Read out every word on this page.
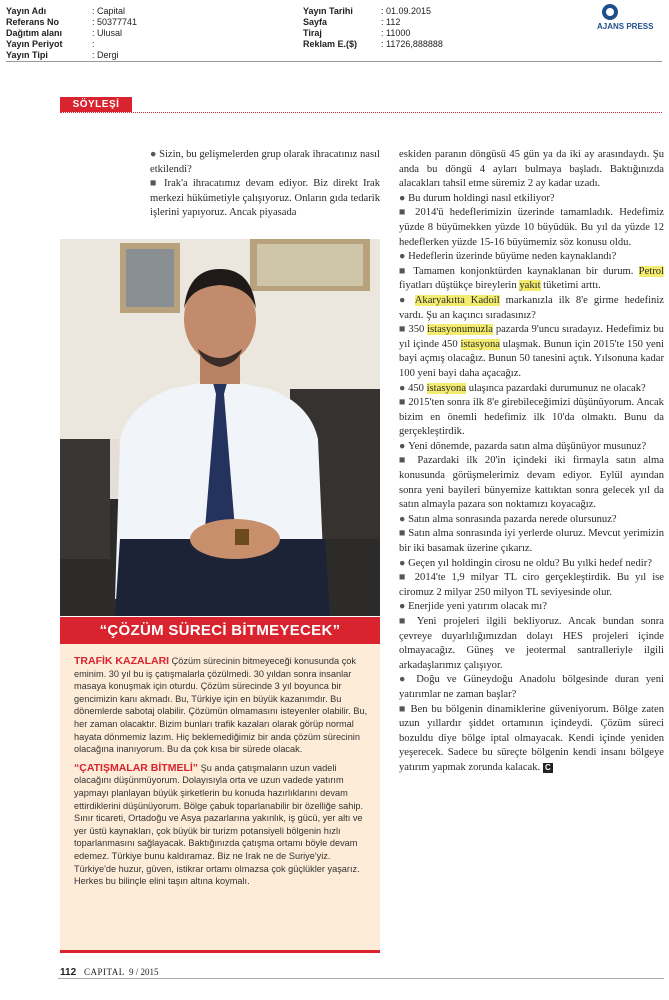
Yayın Adı	: Capital
Referans No	: 50377741
Dağıtım alanı	: Ulusal
Yayın Periyot	:
Yayın Tipi	: Dergi
Yayın Tarihi	: 01.09.2015
Sayfa	: 112
Tiraj	: 11000
Reklam E.($)	: 11726,888888
AJANS PRESS
SÖYLEŞİ

● Sizin, bu gelişmelerden grup olarak ihracatınız nasıl etkilendi?

■ Irak'a ihracatımız devam ediyor. Biz direkt Irak merkezi hükümetiyle çalışıyoruz. Onların gıda tedarik işlerini yapıyoruz. Ancak piyasada

“ÇÖZÜM SÜRECİ BİTMEYECEK”

TRAFİK KAZALARI Çözüm sürecinin bitmeyeceği konusunda çok eminim. 30 yıl bu iş çatışmalarla çözülmedi. 30 yıldan sonra insanlar masaya konuşmak için oturdu. Çözüm sürecinde 3 yıl boyunca bir gencimizin kanı akmadı. Bu, Türkiye için en büyük kazanımdır. Bu dönemlerde sabotaj olabilir. Çözümün olmamasını isteyenler olabilir. Bu, her zaman olacaktır. Bizim bunları trafik kazaları olarak görüp normal hayata dönmemiz lazım. Hiç beklemediğimiz bir anda çözüm sürecinin olacağına inanıyorum. Bu da çok kısa bir sürede olacak.

“ÇATIŞMALAR BİTMELİ” Şu anda çatışmaların uzun vadeli olacağını düşünmüyorum. Dolayısıyla orta ve uzun vadede yatırım yapmayı planlayan büyük şirketlerin bu konuda hazırlıklarını devam ettirdiklerini düşünüyorum. Bölge çabuk toparlanabilir bir özelliğe sahip. Sınır ticareti, Ortadoğu ve Asya pazarlarına yakınlık, iş gücü, yer altı ve yer üstü kaynakları, çok büyük bir turizm potansiyeli bölgenin hızlı toparlanmasını sağlayacak. Baktığınızda çatışma ortamı böyle devam edemez. Türkiye bunu kaldıramaz. Biz ne Irak ne de Suriye'yiz. Türkiye'de huzur, güven, istikrar ortamı olmazsa çok güçlükler yaşarız. Herkes bu bilinçle elini taşın altına koymalı.

eskiden paranın döngüsü 45 gün ya da iki ay arasındaydı. Şu anda bu döngü 4 ayları bulmaya başladı. Baktığınızda alacakları tahsil etme süremiz 2 ay kadar uzadı.

● Bu durum holdingi nasıl etkiliyor?

■ 2014'ü hedeflerimizin üzerinde tamamladık. Hedefimiz yüzde 8 büyümekken yüzde 10 büyüdük. Bu yıl da yüzde 12 hedeflerken yüzde 15-16 büyümemiz söz konusu oldu.

● Hedeflerin üzerinde büyüme neden kaynaklandı?

■ Tamamen konjonktürden kaynaklanan bir durum. Petrol fiyatları düştükçe bireylerin yakıt tüketimi arttı.

● Akaryakıtta Kadoil markanızla ilk 8'e girme hedefiniz vardı. Şu an kaçıncı sıradasınız?

■ 350 istasyonumuzla pazarda 9'uncu sıradayız. Hedefimiz bu yıl içinde 450 istasyona ulaşmak. Bunun için 2015'te 150 yeni bayi açmış olacağız. Bunun 50 tanesini açtık. Yılsonuna kadar 100 yeni bayi daha açacağız.

● 450 istasyona ulaşınca pazardaki durumunuz ne olacak?

■ 2015'ten sonra ilk 8'e girebileceğimizi düşünüyorum. Ancak bizim en önemli hedefimiz ilk 10'da olmaktı. Bunu da gerçekleştirdik.

● Yeni dönemde, pazarda satın alma düşünüyor musunuz?

■ Pazardaki ilk 20'in içindeki iki firmayla satın alma konusunda görüşmelerimiz devam ediyor. Eylül ayından sonra yeni bayileri bünyemize kattıktan sonra gelecek yıl da satın almayla pazara son noktamızı koyacağız.

● Satın alma sonrasında pazarda nerede olursunuz?

■ Satın alma sonrasında iyi yerlerde oluruz. Mevcut yerimizin bir iki basamak üzerine çıkarız.

● Geçen yıl holdingin cirosu ne oldu? Bu yılki hedef nedir?

■ 2014'te 1,9 milyar TL ciro gerçekleştirdik. Bu yıl ise ciromuz 2 milyar 250 milyon TL seviyesinde olur.

● Enerjide yeni yatırım olacak mı?

■ Yeni projeleri ilgili bekliyoruz. Ancak bundan sonra çevreye duyarlılığımızdan dolayı HES projeleri içinde olmayacağız. Güneş ve jeotermal santralleriyle ilgili arkadaşlarımız çalışıyor.

● Doğu ve Güneydoğu Anadolu bölgesinde duran yeni yatırımlar ne zaman başlar?

■ Ben bu bölgenin dinamiklerine güveniyorum. Bölge zaten uzun yıllardır şiddet ortamının içindeydi. Çözüm süreci bozuldu diye bölge iptal olmayacak. Kendi içinde yeniden yeşerecek. Sadece bu süreçte bölgenin kendi insanı bölgeye yatırım yapmak zorunda kalacak. C

112 CAPITAL 9 / 2015
